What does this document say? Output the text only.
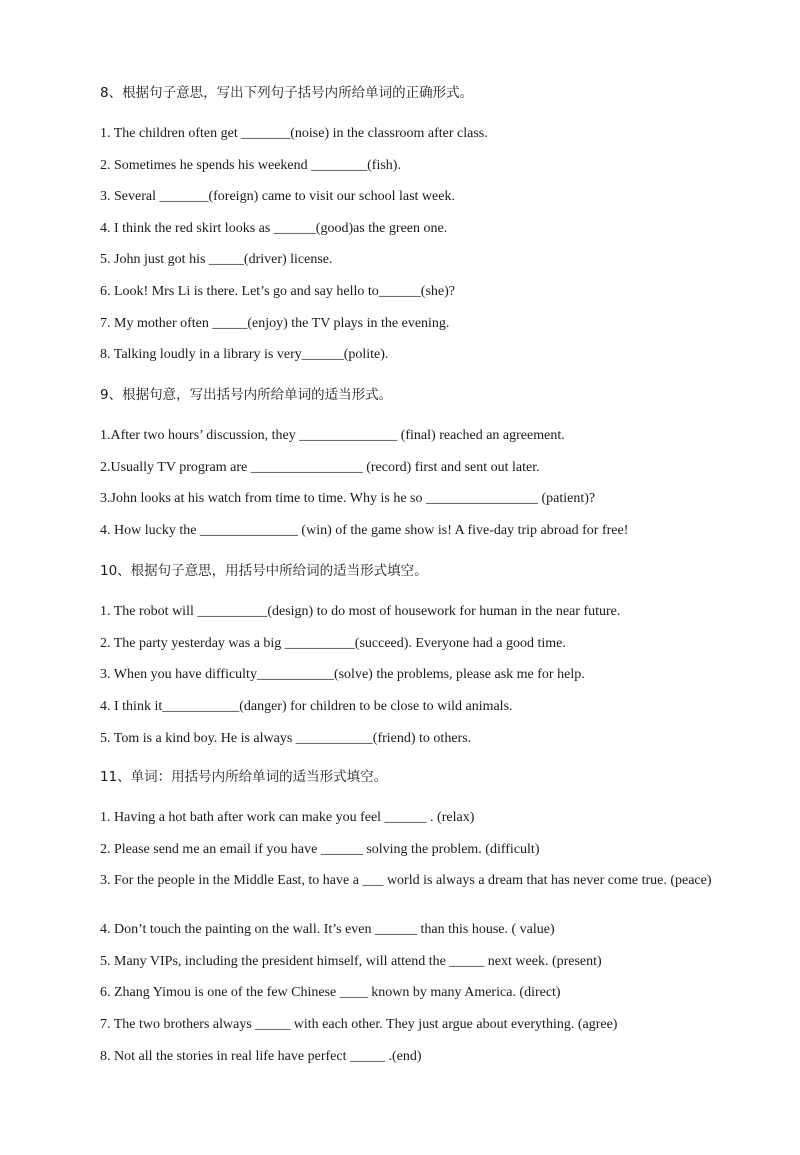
8、根据句子意思，写出下列句子括号内所给单词的正确形式。

1. The children often get _______(noise) in the classroom after class.
2. Sometimes he spends his weekend ________(fish).
3. Several _______(foreign) came to visit our school last week.
4. I think the red skirt looks as ______(good)as the green one.
5. John just got his _____(driver) license.
6. Look! Mrs Li is there. Let’s go and say hello to______(she)?
7. My mother often _____(enjoy) the TV plays in the evening.
8. Talking loudly in a library is very______(polite).

9、根据句意，写出括号内所给单词的适当形式。

1.After two hours’ discussion, they ______________ (final) reached an agreement.
2.Usually TV program are ________________ (record) first and sent out later.
3.John looks at his watch from time to time. Why is he so ________________ (patient)?
4. How lucky the ______________ (win) of the game show is! A five-day trip abroad for free!

10、根据句子意思，用括号中所给词的适当形式填空。

1. The robot will __________(design) to do most of housework for human in the near future.
2. The party yesterday was a big __________(succeed). Everyone had a good time.
3. When you have difficulty___________(solve) the problems, please ask me for help.
4. I think it___________(danger) for children to be close to wild animals.
5. Tom is a kind boy. He is always ___________(friend) to others.

11、单词：用括号内所给单词的适当形式填空。

1. Having a hot bath after work can make you feel ______ . (relax)
2. Please send me an email if you have ______ solving the problem. (difficult)
3. For the people in the Middle East, to have a ___ world is always a dream that has never come true. (peace)
4. Don’t touch the painting on the wall. It’s even ______ than this house. ( value)
5. Many VIPs, including the president himself, will attend the _____ next week. (present)
6. Zhang Yimou is one of the few Chinese ____ known by many America. (direct)
7. The two brothers always _____ with each other. They just argue about everything. (agree)
8. Not all the stories in real life have perfect _____ .(end)
